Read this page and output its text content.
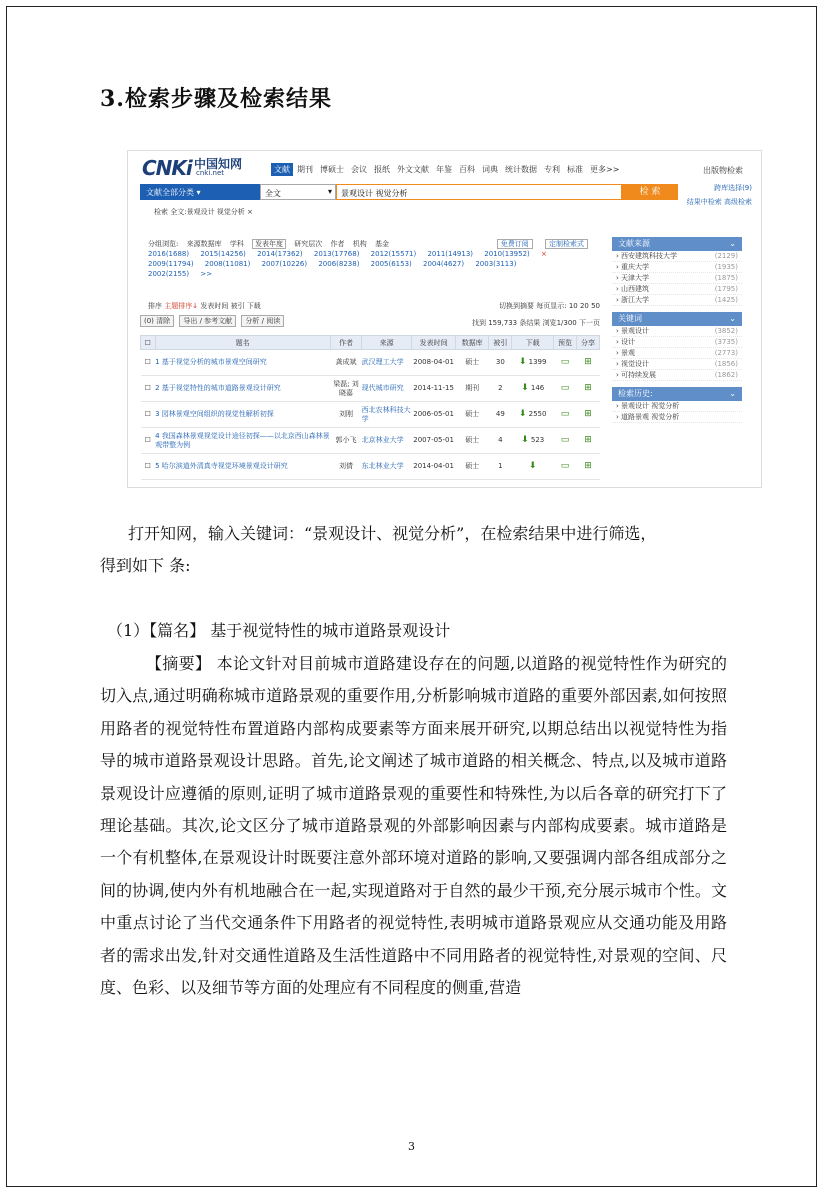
3.检索步骤及检索结果
CNKi 中国知网
cnki.net	文献 期刊 博硕士 会议 报纸 外文文献 年鉴 百科 词典 统计数据 专利 标准 更多>>	出版物检索
文献全部分类 ▾	全文	▾	景观设计 视觉分析	检 索	跨库选择(9)
结果中检索 高级检索
检索 全文:景观设计 视觉分析 ×
分组浏览: 来源数据库 学科 发表年度 研究层次 作者 机构 基金	免费订阅	定制检索式
2016(1688) 2015(14256) 2014(17362) 2013(17768) 2012(15571) 2011(14913) 2010(13952) ×
2009(11794) 2008(11081) 2007(10226) 2006(8238) 2005(6153) 2004(4627) 2003(3113)
2002(2155) >>
排序 主题排序↓ 发表时间 被引 下载	切换到摘要 每页显示: 10 20 50
(0) 清除 导出 / 参考文献 分析 / 阅读	找到 159,733 条结果 浏览1/300 下一页
☐	题名	作者	来源	发表时间	数据库	被引	下载	预览	分享
☐	1 基于视觉分析的城市景观空间研究	龚成斌	武汉理工大学	2008-04-01	硕士	30	⬇ 1399	▭	⊞
☐	2 基于视觉特性的城市道路景观设计研究	梁磊; 刘晓嘉	现代城市研究	2014-11-15	期刊	2	⬇ 146	▭	⊞
☐	3 园林景观空间组织的视觉性解析初探	刘刚	西北农林科技大学	2006-05-01	硕士	49	⬇ 2550	▭	⊞
☐	4 我国森林景观视觉设计途径初探——以北京西山森林景观带整为例	郭小飞	北京林业大学	2007-05-01	硕士	4	⬇ 523	▭	⊞
☐	5 哈尔滨道外清真寺视觉环境景观设计研究	刘倩	东北林业大学	2014-04-01	硕士	1	⬇	▭	⊞
文献来源	⌄
› 西安建筑科技大学	(2129)
› 重庆大学	(1935)
› 天津大学	(1875)
› 山西建筑	(1795)
› 浙江大学	(1425)
关键词	⌄
› 景观设计	(3852)
› 设计	(3735)
› 景观	(2773)
› 视觉设计	(1856)
› 可持续发展	(1862)
检索历史:	⌄
› 景观设计 视觉分析
› 道路景观 视觉分析
打开知网，输入关键词：“景观设计、视觉分析”，在检索结果中进行筛选，
得到如下 条:
（1）【篇名】 基于视觉特性的城市道路景观设计
【摘要】 本论文针对目前城市道路建设存在的问题,以道路的视觉特性作为研究的切入点,通过明确称城市道路景观的重要作用,分析影响城市道路的重要外部因素,如何按照用路者的视觉特性布置道路内部构成要素等方面来展开研究,以期总结出以视觉特性为指导的城市道路景观设计思路。首先,论文阐述了城市道路的相关概念、特点,以及城市道路景观设计应遵循的原则,证明了城市道路景观的重要性和特殊性,为以后各章的研究打下了理论基础。其次,论文区分了城市道路景观的外部影响因素与内部构成要素。城市道路是一个有机整体,在景观设计时既要注意外部环境对道路的影响,又要强调内部各组成部分之间的协调,使内外有机地融合在一起,实现道路对于自然的最少干预,充分展示城市个性。文中重点讨论了当代交通条件下用路者的视觉特性,表明城市道路景观应从交通功能及用路者的需求出发,针对交通性道路及生活性道路中不同用路者的视觉特性,对景观的空间、尺度、色彩、以及细节等方面的处理应有不同程度的侧重,营造
3
